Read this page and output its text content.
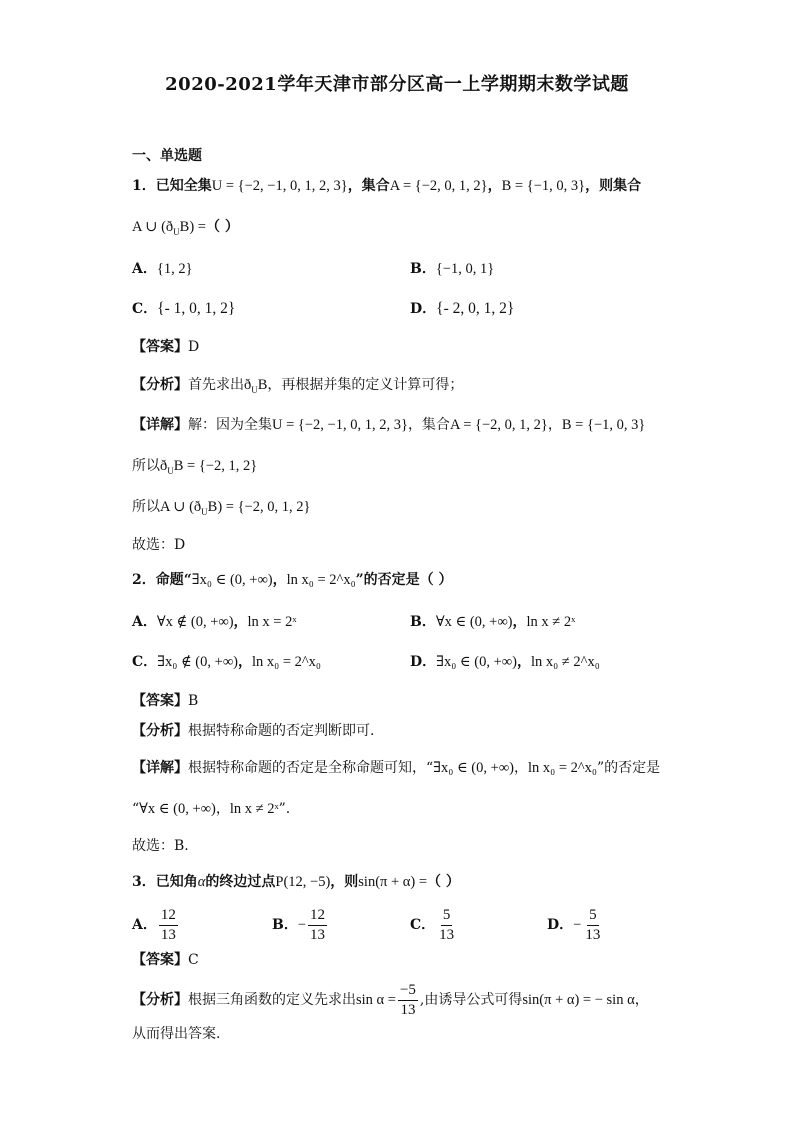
2020-2021学年天津市部分区高一上学期期末数学试题
一、单选题
1．已知全集U = {−2, −1, 0, 1, 2, 3}，集合A = {−2, 0, 1, 2}，B = {−1, 0, 3}，则集合
A ∪ $(ð_UB)$ =（ ）
A．{1, 2}	B．{−1, 0, 1}
C．{- 1, 0, 1, 2}	D．{- 2, 0, 1, 2}
【答案】D
【分析】首先求出$ð_UB$，再根据并集的定义计算可得；
【详解】解：因为全集U = {−2, −1, 0, 1, 2, 3}，集合A = {−2, 0, 1, 2}，B = {−1, 0, 3}
所以$ð_UB = \{-2$, 1, 2}
所以A ∪ $(ð_UB) = \{-2$, 0, 1, 2}
故选：D
2．命题“∃x₀ ∈ (0, +∞)，ln x₀ = 2^x₀”的否定是（ ）
A．∀x ∉ (0, +∞)，ln x = 2ˣ	B．∀x ∈ (0, +∞)，ln x ≠ 2ˣ
C．∃x₀ ∉ (0, +∞)，ln x₀ = 2^x₀	D．∃x₀ ∈ (0, +∞)，ln x₀ ≠ 2^x₀
【答案】B
【分析】根据特称命题的否定判断即可.
【详解】根据特称命题的否定是全称命题可知，“∃x₀ ∈ (0, +∞)，ln x₀ = 2^x₀”的否定是
“∀x ∈ (0, +∞)，ln x ≠ 2ˣ”.
故选：B.
3．已知角α的终边过点P(12, −5)，则sin(π + α) =（ ）
A． $\frac{12}{13}$	B． − $\frac{12}{13}$	C． $\frac{5}{13}$	D． − $\frac{5}{13}$
【答案】C
【分析】 根据三角函数的定义先求出 $\sin \alpha = \frac{-5}{13}$ ,由诱导公式可得 sin(π + α) = − sin α ，
从而得出答案.
